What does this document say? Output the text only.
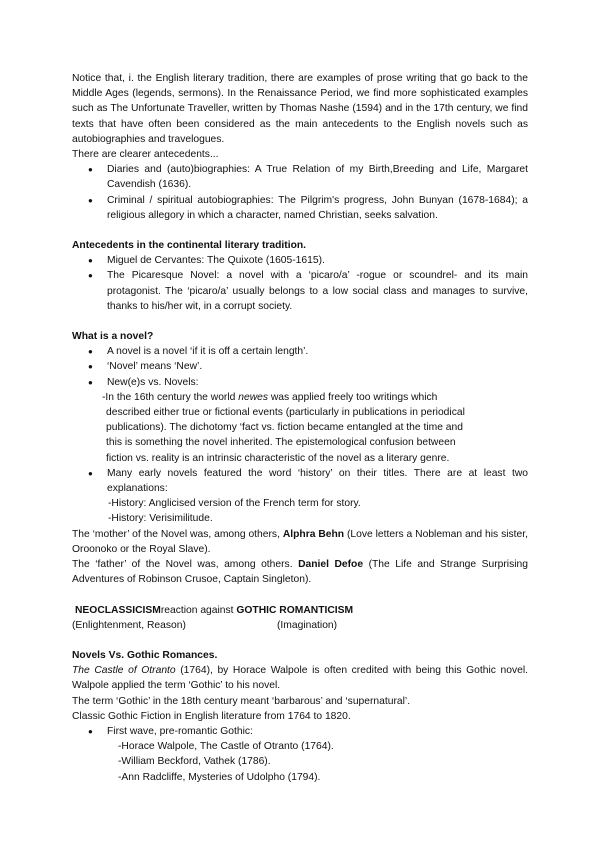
Notice that, i. the English literary tradition, there are examples of prose writing that go back to the Middle Ages (legends, sermons). In the Renaissance Period, we find more sophisticated examples such as The Unfortunate Traveller, written by Thomas Nashe (1594) and in the 17th century, we find texts that have often been considered as the main antecedents to the English novels such as autobiographies and travelogues.

There are clearer antecedents...

● Diaries and (auto)biographies: A True Relation of my Birth,Breeding and Life, Margaret Cavendish (1636).
● Criminal / spiritual autobiographies: The Pilgrim's progress, John Bunyan (1678-1684); a religious allegory in which a character, named Christian, seeks salvation.

Antecedents in the continental literary tradition.

● Miguel de Cervantes: The Quixote (1605-1615).
● The Picaresque Novel: a novel with a ‘picaro/a’ -rogue or scoundrel- and its main protagonist. The ‘picaro/a’ usually belongs to a low social class and manages to survive, thanks to his/her wit, in a corrupt society.

What is a novel?

● A novel is a novel ‘if it is off a certain length’.
● ‘Novel’ means ‘New’.
● New(e)s vs. Novels:

-In the 16th century the world newes was applied freely too writings which

described either true or fictional events (particularly in publications in periodical

publications). The dichotomy ‘fact vs. fiction became entangled at the time and

this is something the novel inherited. The epistemological confusion between

fiction vs. reality is an intrinsic characteristic of the novel as a literary genre.

● Many early novels featured the word ‘history’ on their titles. There are at least two explanations:

-History: Anglicised version of the French term for story.

-History: Verisimilitude.

The ‘mother’ of the Novel was, among others, Alphra Behn (Love letters a Nobleman and his sister, Oroonoko or the Royal Slave).

The ‘father’ of the Novel was, among others. Daniel Defoe (The Life and Strange Surprising Adventures of Robinson Crusoe, Captain Singleton).

NEOCLASSICISMreaction against GOTHIC ROMANTICISM

(Enlightenment, Reason)	(Imagination)

Novels Vs. Gothic Romances.

The Castle of Otranto (1764), by Horace Walpole is often credited with being this Gothic novel. Walpole applied the term ‘Gothic’ to his novel.

The term ‘Gothic’ in the 18th century meant ‘barbarous’ and ‘supernatural’.

Classic Gothic Fiction in English literature from 1764 to 1820.

● First wave, pre-romantic Gothic:

-Horace Walpole, The Castle of Otranto (1764).

-William Beckford, Vathek (1786).

-Ann Radcliffe, Mysteries of Udolpho (1794).
